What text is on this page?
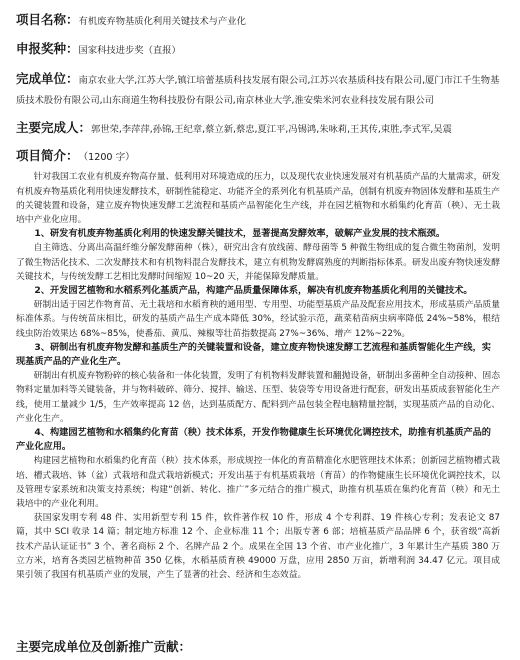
项目名称： 有机废弃物基质化利用关键技术与产业化
申报奖种： 国家科技进步奖（直报）
完成单位：南京农业大学,江苏大学,镇江培蕾基质科技发展有限公司,江苏兴农基质科技有限公司,厦门市江千生物基质技术股份有限公司,山东商道生物科技股份有限公司,南京林业大学,淮安柴米河农业科技发展有限公司
主要完成人： 郭世荣,李萍萍,孙锦,王纪章,蔡立新,蔡忠,夏江平,冯锡鸿,朱咏莉,王其传,束胜,李式军,吴震
项目简介： （1200 字）

针对我国工农业有机废弃物高存量、低利用对环境造成的压力，以及现代农业快速发展对有机基质产品的大量需求，研发有机废弃物基质化利用快速发酵技术，研制性能稳定、功能齐全的系列化有机基质产品，创制有机废弃物固体发酵和基质生产的关键装置和设备，建立废弃物快速发酵工艺流程和基质产品智能化生产线，并在园艺植物和水稻集约化育苗（秧）、无土栽培中产业化应用。

1、研发有机废弃物基质化利用的快速发酵关键技术，显著提高发酵效率，破解产业发展的技术瓶颈。

自主筛选、分离出高温纤维分解发酵菌种（株），研究出含有放线菌、酵母菌等 5 种微生物组成的复合微生物菌剂，发明了微生物活化技术、二次发酵技术和有机物料混合发酵技术，建立有机物发酵腐熟度的判断指标体系。研发出废弃物快速发酵关键技术，与传统发酵工艺相比发酵时间缩短 10~20 天，并能保障发酵质量。

2、开发园艺植物和水稻系列化基质产品，构建产品质量保障体系，解决有机废弃物基质化利用的关键技术。

研制出适于园艺作物育苗、无土栽培和水稻育秧的通用型、专用型、功能型基质产品及配套应用技术，形成基质产品质量标准体系。与传统苗床相比，研发的基质产品生产成本降低 30%，经试验示范，蔬菜秸苗病虫病率降低 24%~58%，根结线虫防治效果达 68%~85%，使番茄、黄瓜、辣椒等壮苗指数提高 27%~36%、增产 12%~22%。

3、研制出有机废弃物发酵和基质生产的关键装置和设备，建立废弃物快速发酵工艺流程和基质智能化生产线，实现基质产品的产业化生产。

研制出有机废弃物粉碎的核心装备和一体化装置，发明了有机物料发酵装置和翻抛设备，研制出多菌种全自动接种、固态物料定量加料等关键装备，并与物料破碎、筛分、搅拌、输送、压型、装袋等专用设备进行配套，研发出基质成套智能化生产线，使用工量减少 1/5，生产效率提高 12 倍，达到基质配方、配料到产品包装全程电脑精量控制，实现基质产品的自动化、产业化生产。

4、构建园艺植物和水稻集约化育苗（秧）技术体系，开发作物健康生长环境优化调控技术，助推有机基质产品的产业化应用。

构建园艺植物和水稻集约化育苗（秧）技术体系，形成规控一体化的育苗精准化水肥管理技术体系；创新园艺植物槽式栽培、槽式栽培、钵（盆）式栽培和盘式栽培新模式；开发出基于有机基质栽培（育苗）的作物健康生长环境优化调控技术，以及管理专家系统和决策支持系统；构建“创新、转化、推广”多元结合的推广模式，助推有机基质在集约化育苗（秧）和无土栽培中的产业化利用。

获国家发明专利 48 件、实用新型专利 15 件，软件著作权 10 件，形成 4 个专利群、19 件核心专利；发表论文 87 篇，其中 SCI 收录 14 篇；制定地方标准 12 个、企业标准 11 个；出版专著 6 部；培植基质产品品牌 6 个，获省级“高新技术产品认证证书” 3 个、著名商标 2 个、名牌产品 2 个。成果在全国 13 个省、市产业化推广，3 年累计生产基质 380 万立方米，培育各类园艺植物种苗 350 亿株，水稻基质育秧 49000 万盘，应用 2850 万亩，新增利润 34.47 亿元。项目成果引领了我国有机基质产业的发展，产生了显著的社会、经济和生态效益。

主要完成单位及创新推广贡献：
